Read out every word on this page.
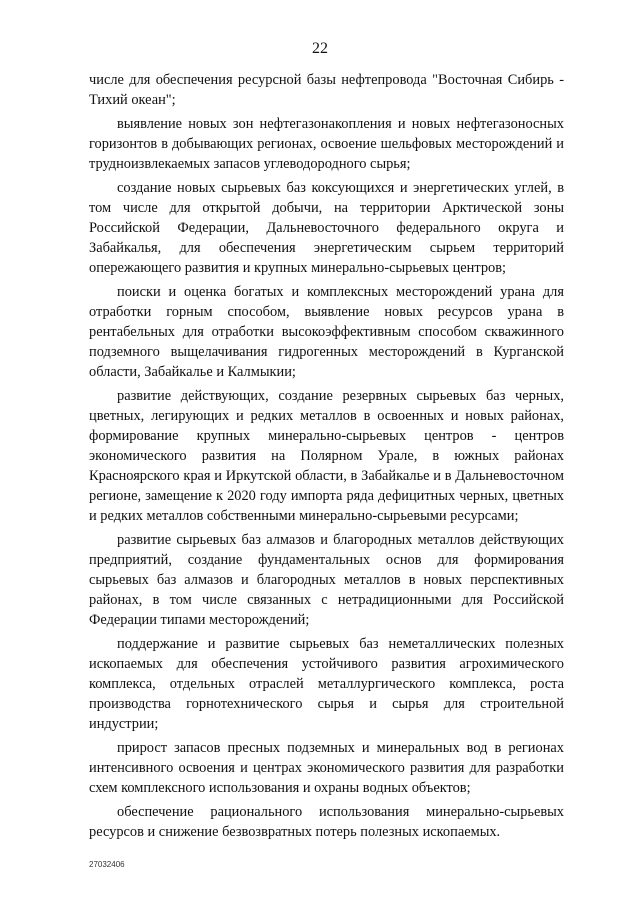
22

числе для обеспечения ресурсной базы нефтепровода "Восточная Сибирь - Тихий океан";

выявление новых зон нефтегазонакопления и новых нефтегазоносных горизонтов в добывающих регионах, освоение шельфовых месторождений и трудноизвлекаемых запасов углеводородного сырья;

создание новых сырьевых баз коксующихся и энергетических углей, в том числе для открытой добычи, на территории Арктической зоны Российской Федерации, Дальневосточного федерального округа и Забайкалья, для обеспечения энергетическим сырьем территорий опережающего развития и крупных минерально-сырьевых центров;

поиски и оценка богатых и комплексных месторождений урана для отработки горным способом, выявление новых ресурсов урана в рентабельных для отработки высокоэффективным способом скважинного подземного выщелачивания гидрогенных месторождений в Курганской области, Забайкалье и Калмыкии;

развитие действующих, создание резервных сырьевых баз черных, цветных, легирующих и редких металлов в освоенных и новых районах, формирование крупных минерально-сырьевых центров - центров экономического развития на Полярном Урале, в южных районах Красноярского края и Иркутской области, в Забайкалье и в Дальневосточном регионе, замещение к 2020 году импорта ряда дефицитных черных, цветных и редких металлов собственными минерально-сырьевыми ресурсами;

развитие сырьевых баз алмазов и благородных металлов действующих предприятий, создание фундаментальных основ для формирования сырьевых баз алмазов и благородных металлов в новых перспективных районах, в том числе связанных с нетрадиционными для Российской Федерации типами месторождений;

поддержание и развитие сырьевых баз неметаллических полезных ископаемых для обеспечения устойчивого развития агрохимического комплекса, отдельных отраслей металлургического комплекса, роста производства горнотехнического сырья и сырья для строительной индустрии;

прирост запасов пресных подземных и минеральных вод в регионах интенсивного освоения и центрах экономического развития для разработки схем комплексного использования и охраны водных объектов;

обеспечение рационального использования минерально-сырьевых ресурсов и снижение безвозвратных потерь полезных ископаемых.

27032406
